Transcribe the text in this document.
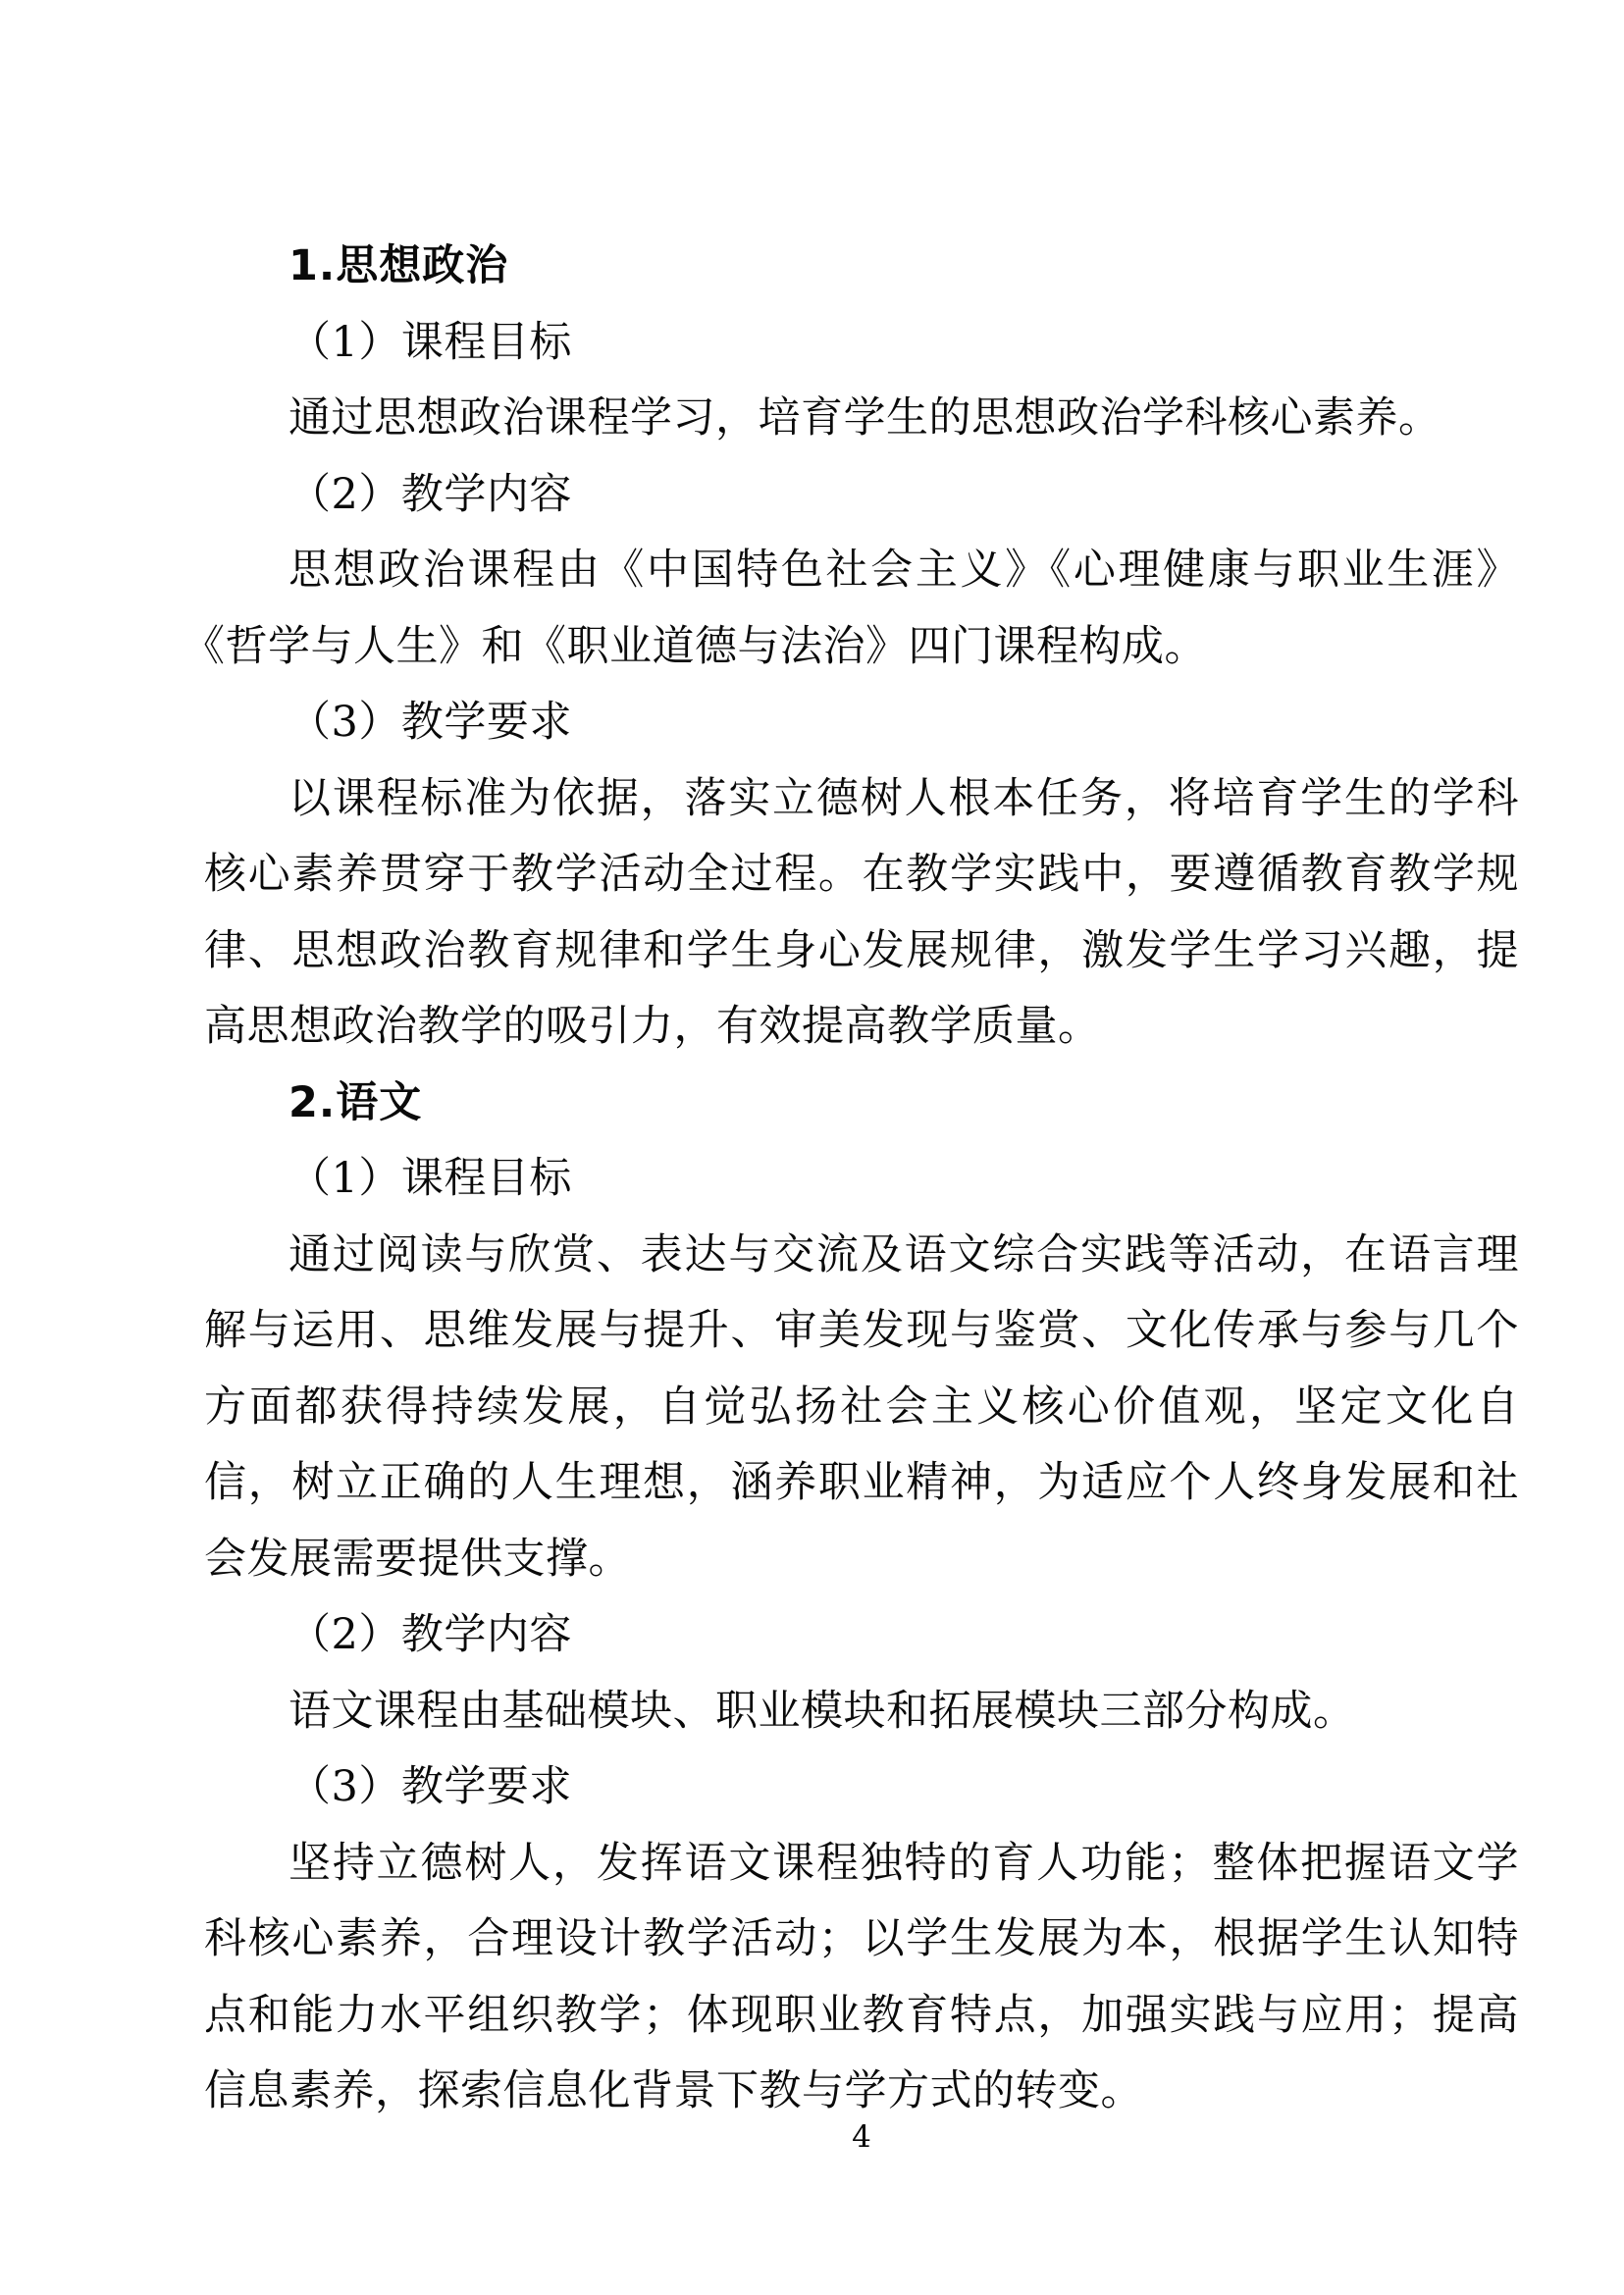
1.思想政治
（1）课程目标
通过思想政治课程学习，培育学生的思想政治学科核心素养。
（2）教学内容
思想政治课程由《中国特色社会主义》《心理健康与职业生涯》
《哲学与人生》和《职业道德与法治》四门课程构成。
（3）教学要求
以课程标准为依据，落实立德树人根本任务，将培育学生的学科
核心素养贯穿于教学活动全过程。在教学实践中，要遵循教育教学规
律、思想政治教育规律和学生身心发展规律，激发学生学习兴趣，提
高思想政治教学的吸引力，有效提高教学质量。
2.语文
（1）课程目标
通过阅读与欣赏、表达与交流及语文综合实践等活动，在语言理
解与运用、思维发展与提升、审美发现与鉴赏、文化传承与参与几个
方面都获得持续发展，自觉弘扬社会主义核心价值观，坚定文化自
信，树立正确的人生理想，涵养职业精神，为适应个人终身发展和社
会发展需要提供支撑。
（2）教学内容
语文课程由基础模块、职业模块和拓展模块三部分构成。
（3）教学要求
坚持立德树人，发挥语文课程独特的育人功能；整体把握语文学
科核心素养，合理设计教学活动；以学生发展为本，根据学生认知特
点和能力水平组织教学；体现职业教育特点，加强实践与应用；提高
信息素养，探索信息化背景下教与学方式的转变。
4
